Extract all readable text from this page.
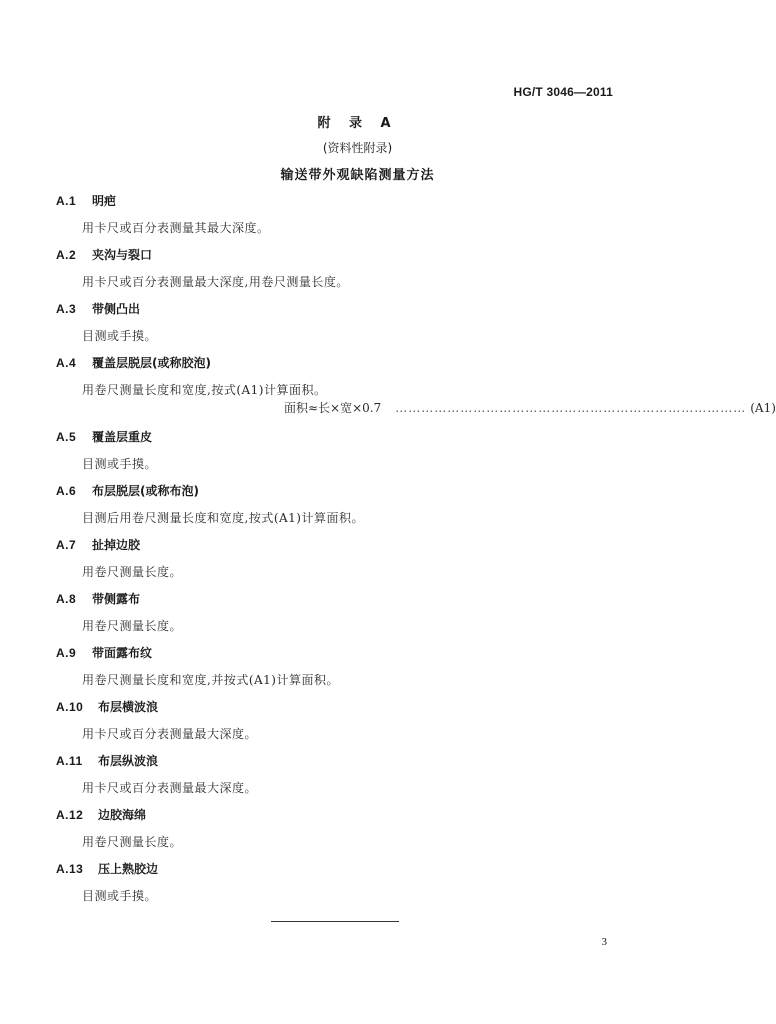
HG/T 3046—2011
附 录 A
(资料性附录)
输送带外观缺陷测量方法
A.1	明疤
用卡尺或百分表测量其最大深度。
A.2	夹沟与裂口
用卡尺或百分表测量最大深度,用卷尺测量长度。
A.3	带侧凸出
目测或手摸。
A.4	覆盖层脱层(或称胶泡)
用卷尺测量长度和宽度,按式(A1)计算面积。
面积≈长×宽×0.7 ……………………………………………………………………… (A1)
A.5	覆盖层重皮
目测或手摸。
A.6	布层脱层(或称布泡)
目测后用卷尺测量长度和宽度,按式(A1)计算面积。
A.7	扯掉边胶
用卷尺测量长度。
A.8	带侧露布
用卷尺测量长度。
A.9	带面露布纹
用卷尺测量长度和宽度,并按式(A1)计算面积。
A.10	布层横波浪
用卡尺或百分表测量最大深度。
A.11	布层纵波浪
用卡尺或百分表测量最大深度。
A.12	边胶海绵
用卷尺测量长度。
A.13	压上熟胶边
目测或手摸。
3
